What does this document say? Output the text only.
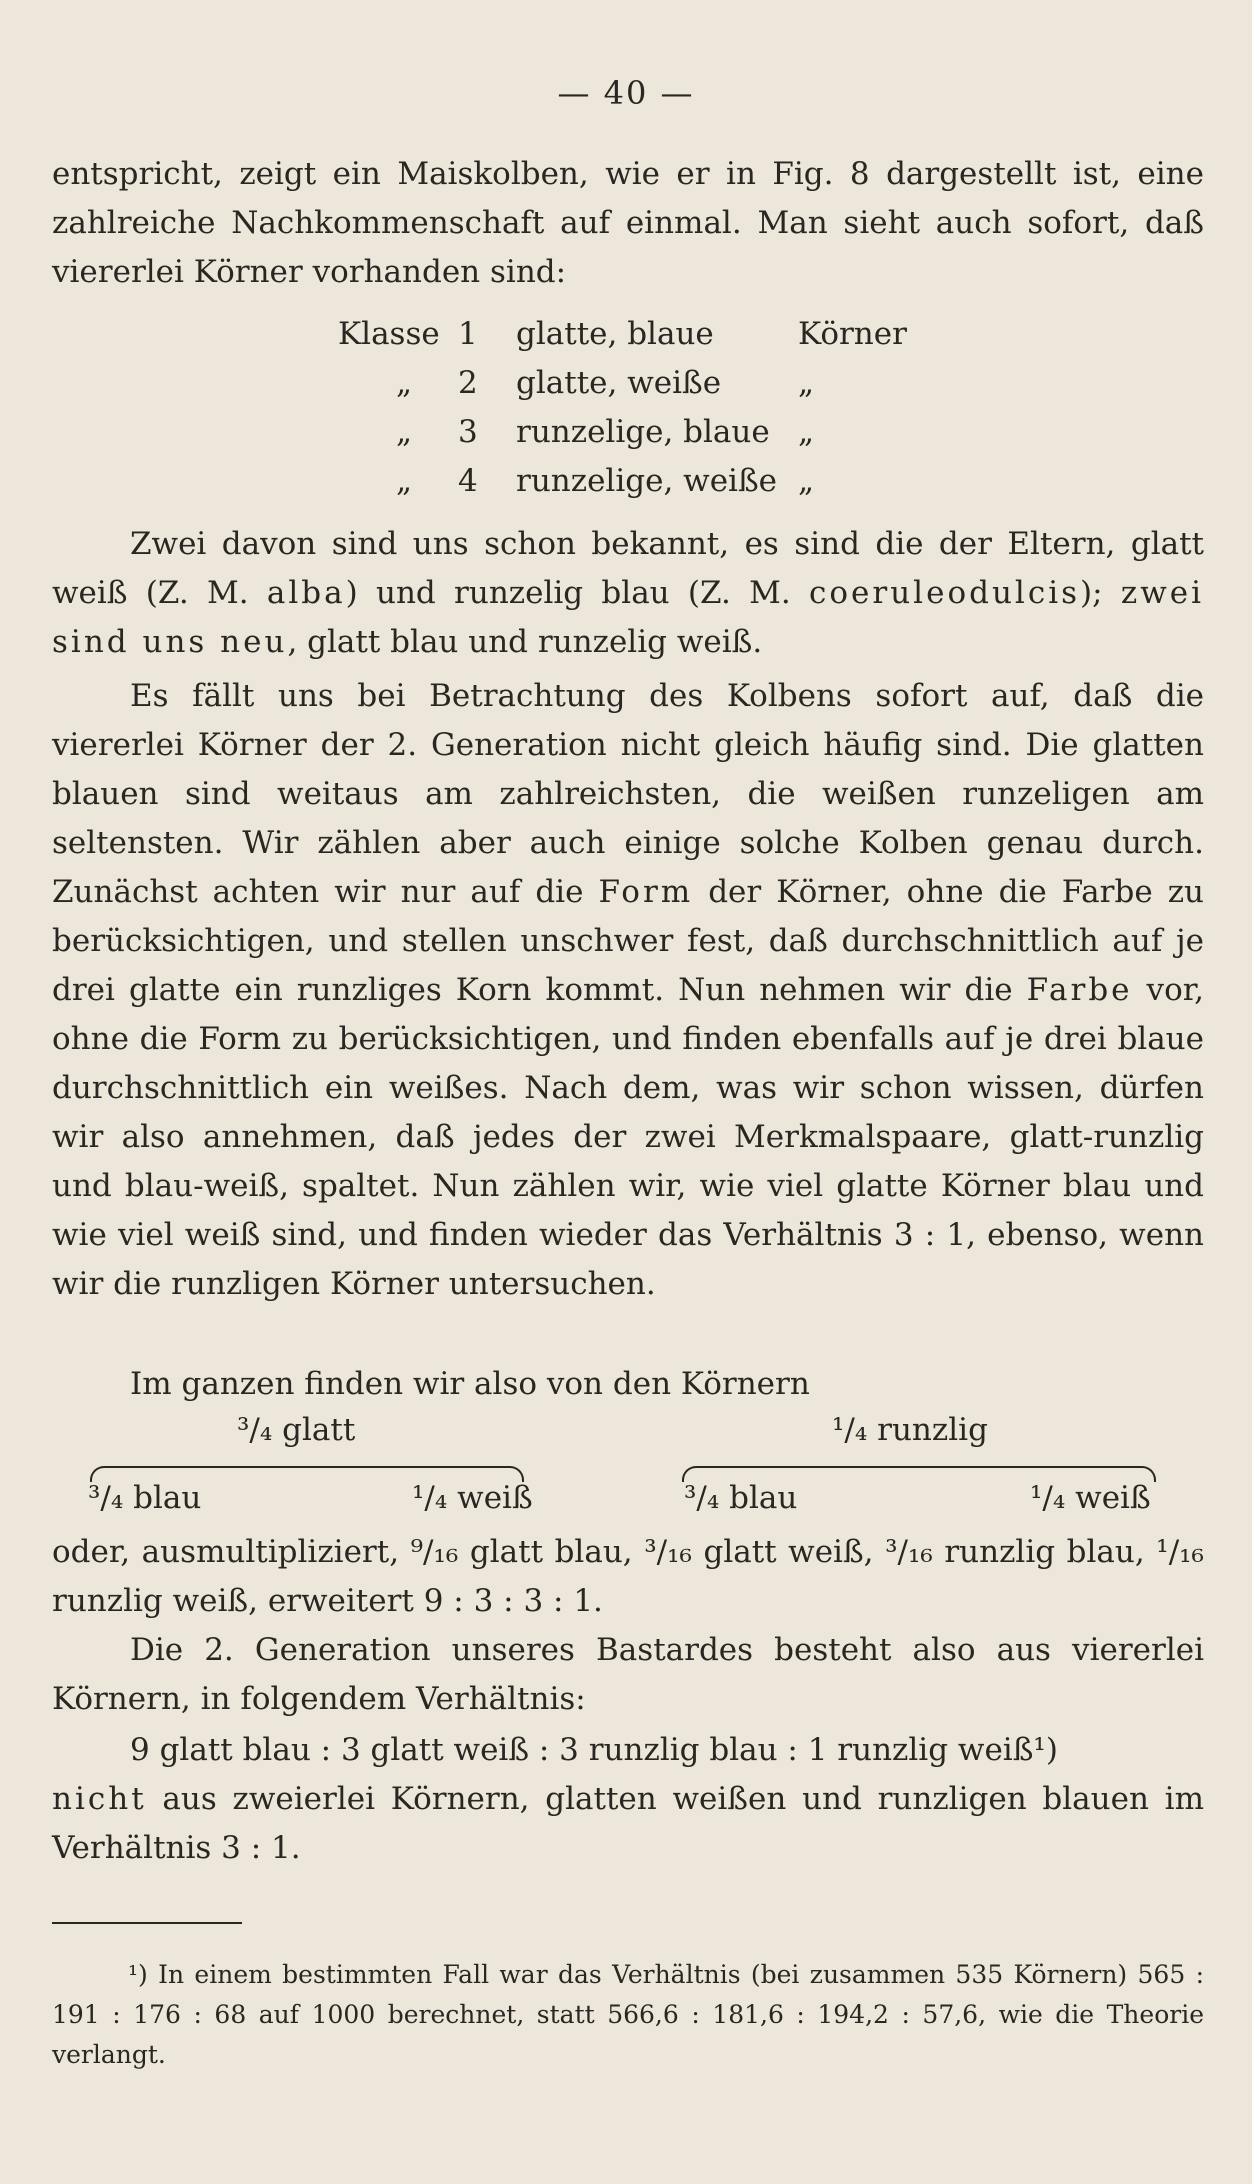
— 40 —

entspricht, zeigt ein Maiskolben, wie er in Fig. 8 dargestellt ist, eine zahlreiche Nachkommenschaft auf einmal. Man sieht auch sofort, daß viererlei Körner vorhanden sind:

Klasse 1 glatte, blaue	Körner
„ 2 glatte, weiße „
„ 3 runzelige, blaue „
„ 4 runzelige, weiße „

Zwei davon sind uns schon bekannt, es sind die der Eltern, glatt weiß (Z. M. alba) und runzelig blau (Z. M. coeruleodulcis); zwei sind uns neu, glatt blau und runzelig weiß.

Es fällt uns bei Betrachtung des Kolbens sofort auf, daß die viererlei Körner der 2. Generation nicht gleich häufig sind. Die glatten blauen sind weitaus am zahlreichsten, die weißen runzeligen am seltensten. Wir zählen aber auch einige solche Kolben genau durch. Zunächst achten wir nur auf die Form der Körner, ohne die Farbe zu berücksichtigen, und stellen unschwer fest, daß durchschnittlich auf je drei glatte ein runzliges Korn kommt. Nun nehmen wir die Farbe vor, ohne die Form zu berücksichtigen, und finden ebenfalls auf je drei blaue durchschnittlich ein weißes. Nach dem, was wir schon wissen, dürfen wir also annehmen, daß jedes der zwei Merkmalspaare, glatt-runzlig und blau-weiß, spaltet. Nun zählen wir, wie viel glatte Körner blau und wie viel weiß sind, und finden wieder das Verhältnis 3 : 1, ebenso, wenn wir die runzligen Körner untersuchen.

Im ganzen finden wir also von den Körnern

³/₄ glatt	¹/₄ runzlig
³/₄ blau	¹/₄ weiß	³/₄ blau	¹/₄ weiß

oder, ausmultipliziert, ⁹/₁₆ glatt blau, ³/₁₆ glatt weiß, ³/₁₆ runzlig blau, ¹/₁₆ runzlig weiß, erweitert 9 : 3 : 3 : 1.

Die 2. Generation unseres Bastardes besteht also aus viererlei Körnern, in folgendem Verhältnis:

9 glatt blau : 3 glatt weiß : 3 runzlig blau : 1 runzlig weiß¹)

nicht aus zweierlei Körnern, glatten weißen und runzligen blauen im Verhältnis 3 : 1.

¹) In einem bestimmten Fall war das Verhältnis (bei zusammen 535 Körnern) 565 : 191 : 176 : 68 auf 1000 berechnet, statt 566,6 : 181,6 : 194,2 : 57,6, wie die Theorie verlangt.
